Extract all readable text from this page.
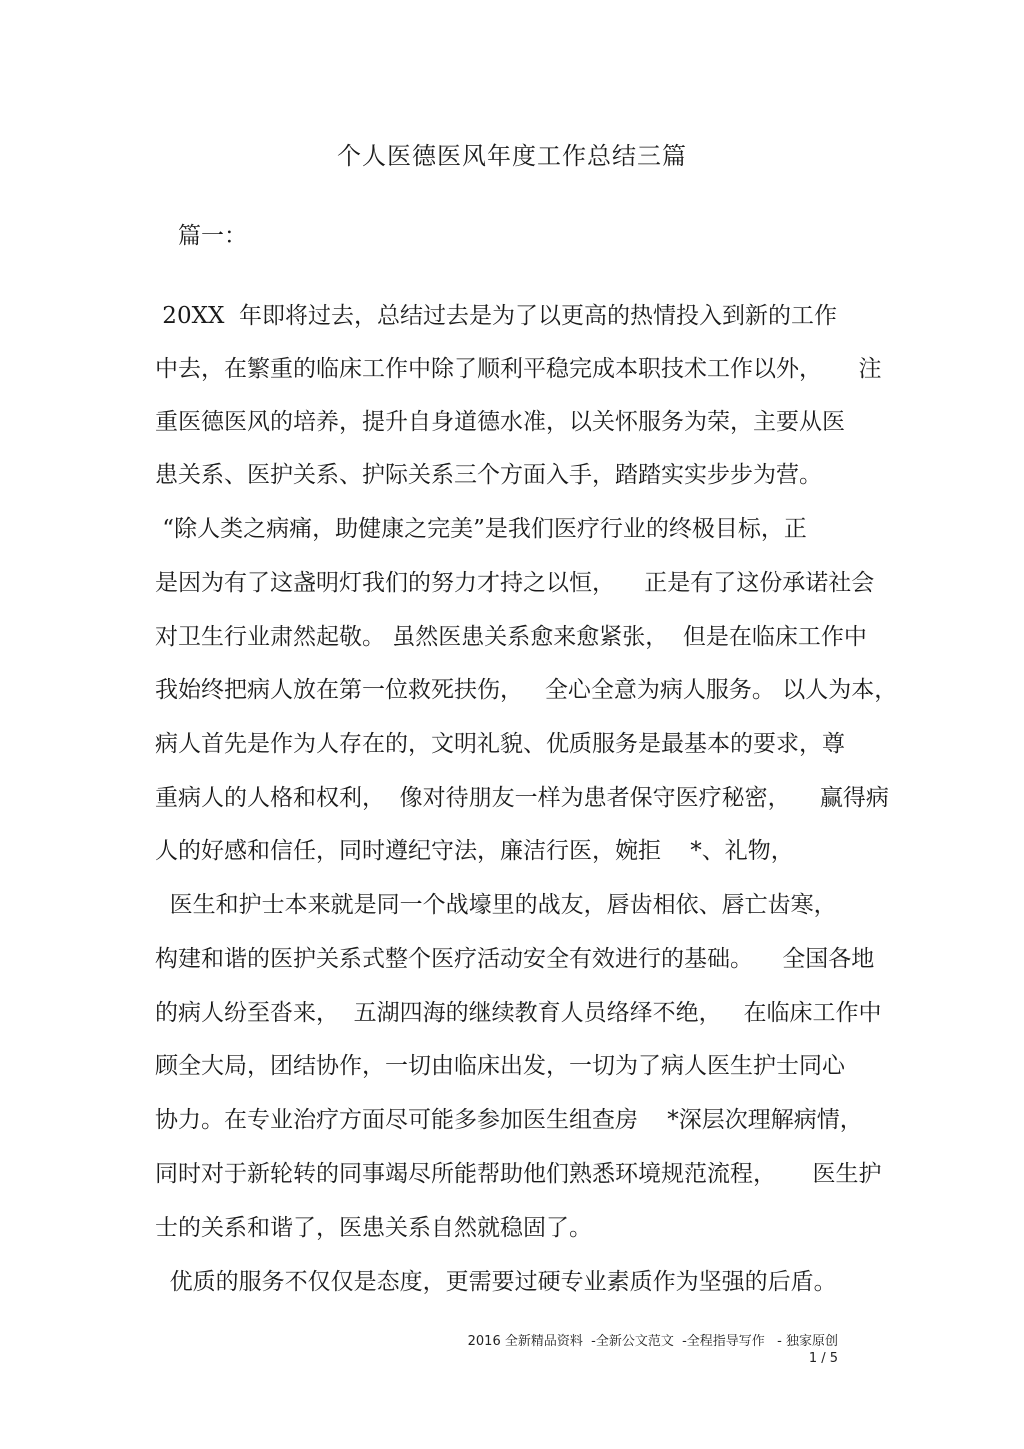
个人医德医风年度工作总结三篇
篇一：
20XX  年即将过去，总结过去是为了以更高的热情投入到新的工作
中去，在繁重的临床工作中除了顺利平稳完成本职技术工作以外，     注
重医德医风的培养，提升自身道德水准，以关怀服务为荣，主要从医
患关系、医护关系、护际关系三个方面入手，踏踏实实步步为营。
“除人类之病痛，助健康之完美”是我们医疗行业的终极目标，正
是因为有了这盏明灯我们的努力才持之以恒，    正是有了这份承诺社会
对卫生行业肃然起敬。 虽然医患关系愈来愈紧张，  但是在临床工作中
我始终把病人放在第一位救死扶伤，   全心全意为病人服务。 以人为本，
病人首先是作为人存在的，文明礼貌、优质服务是最基本的要求，尊
重病人的人格和权利，  像对待朋友一样为患者保守医疗秘密，    赢得病
人的好感和信任，同时遵纪守法，廉洁行医，婉拒    *、礼物，
医生和护士本来就是同一个战壕里的战友，唇齿相依、唇亡齿寒，
构建和谐的医护关系式整个医疗活动安全有效进行的基础。    全国各地
的病人纷至沓来，  五湖四海的继续教育人员络绎不绝，   在临床工作中
顾全大局，团结协作，一切由临床出发，一切为了病人医生护士同心
协力。在专业治疗方面尽可能多参加医生组查房    *深层次理解病情，
同时对于新轮转的同事竭尽所能帮助他们熟悉环境规范流程，     医生护
士的关系和谐了，医患关系自然就稳固了。
优质的服务不仅仅是态度，更需要过硬专业素质作为坚强的后盾。
2016 全新精品资料  -全新公文范文  -全程指导写作   - 独家原创
1 / 5
